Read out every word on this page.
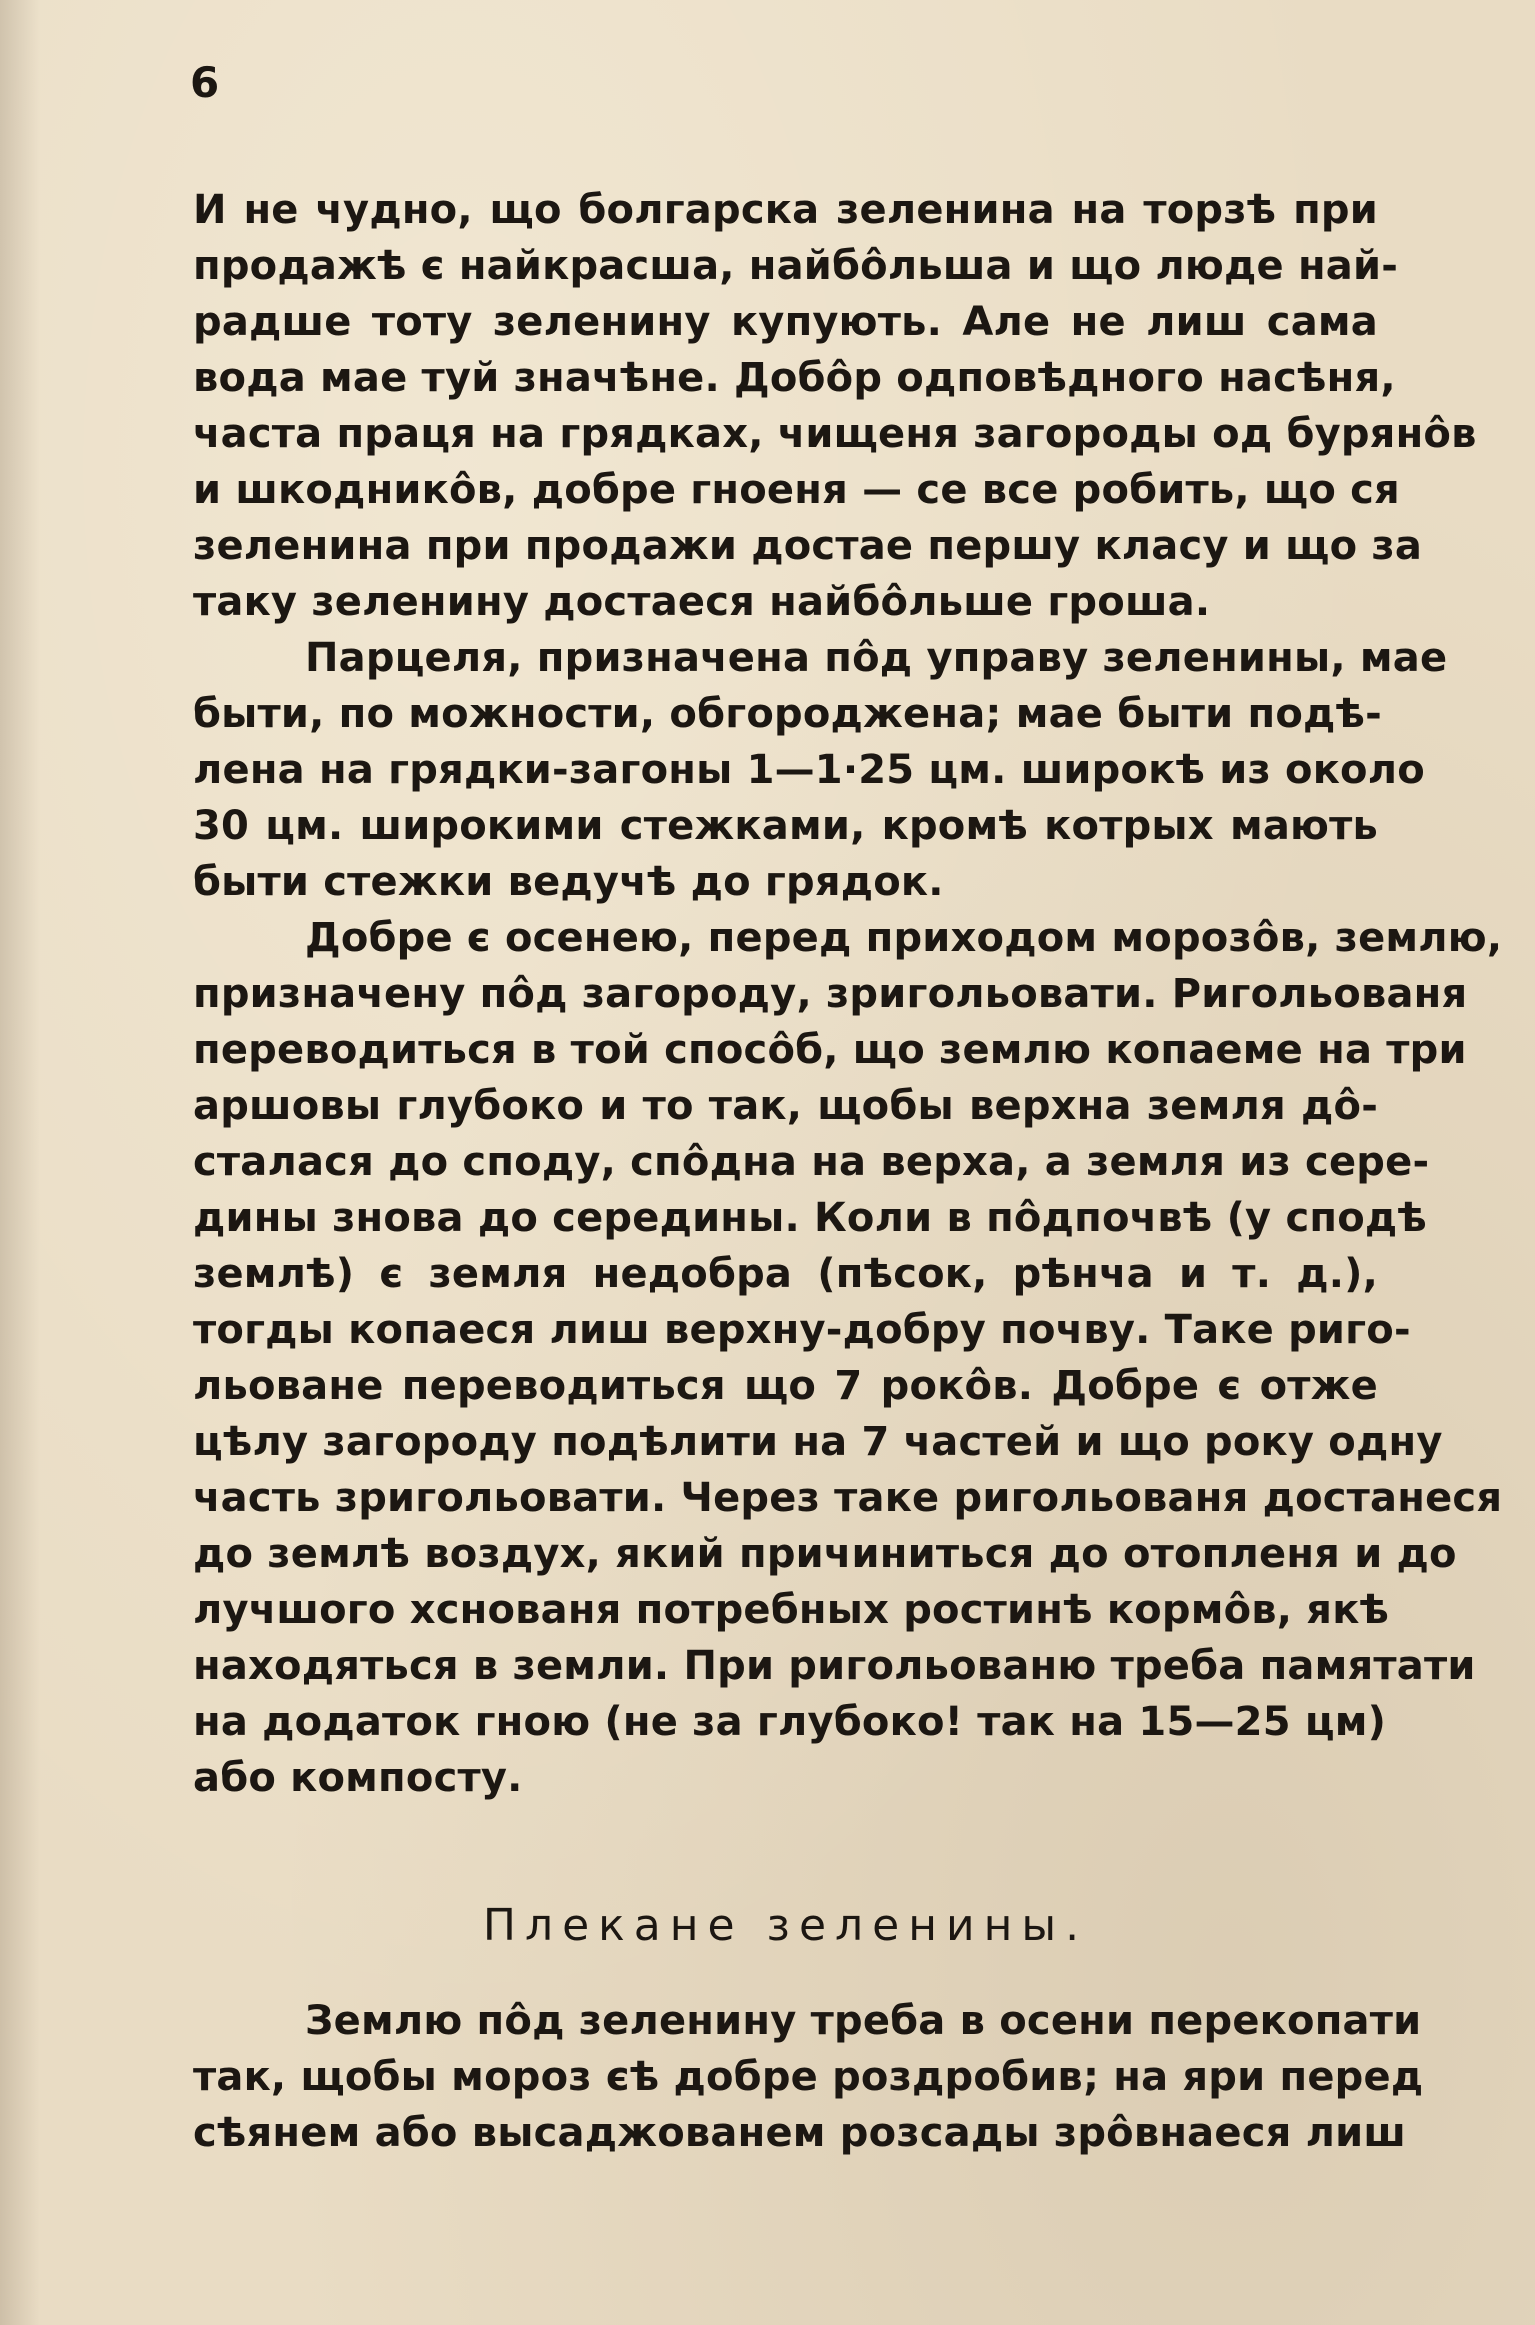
6
И не чудно, що болгарска зеленина на торзѣ при
продажѣ є найкрасша, найбôльша и що люде най-
радше тоту зеленину купують. Але не лиш сама
вода мае туй значѣне. Добôр одповѣдного насѣня,
часта праця на грядках, чищеня загороды од бурянôв
и шкодникôв, добре гноеня — се все робить, що ся
зеленина при продажи достае першу класу и що за
таку зеленину достаеся найбôльше гроша.
Парцеля, призначена пôд управу зеленины, мае
быти, по можности, обгороджена; мае быти подѣ-
лена на грядки-загоны 1—1·25 цм. широкѣ из около
30 цм. широкими стежками, кромѣ котрых мають
быти стежки ведучѣ до грядок.
Добре є осенею, перед приходом морозôв, землю,
призначену пôд загороду, зригольовати. Ригольованя
переводиться в той спосôб, що землю копаеме на три
аршовы глубоко и то так, щобы верхна земля дô-
сталася до споду, спôдна на верха, а земля из сере-
дины знова до середины. Коли в пôдпочвѣ (у сподѣ
землѣ) є земля недобра (пѣсок, рѣнча и т. д.),
тогды копаеся лиш верхну-добру почву. Таке риго-
льоване переводиться що 7 рокôв. Добре є отже
цѣлу загороду подѣлити на 7 частей и що року одну
часть зригольовати. Через таке ригольованя достанеся
до землѣ воздух, який причиниться до отопленя и до
лучшого хснованя потребных ростинѣ кормôв, якѣ
находяться в земли. При ригольованю треба памятати
на додаток гною (не за глубоко! так на 15—25 цм)
або компосту.
Плекане зеленины.
Землю пôд зеленину треба в осени перекопати
так, щобы мороз єѣ добре роздробив; на яри перед
сѣянем або высаджованем розсады зрôвнаеся лиш
